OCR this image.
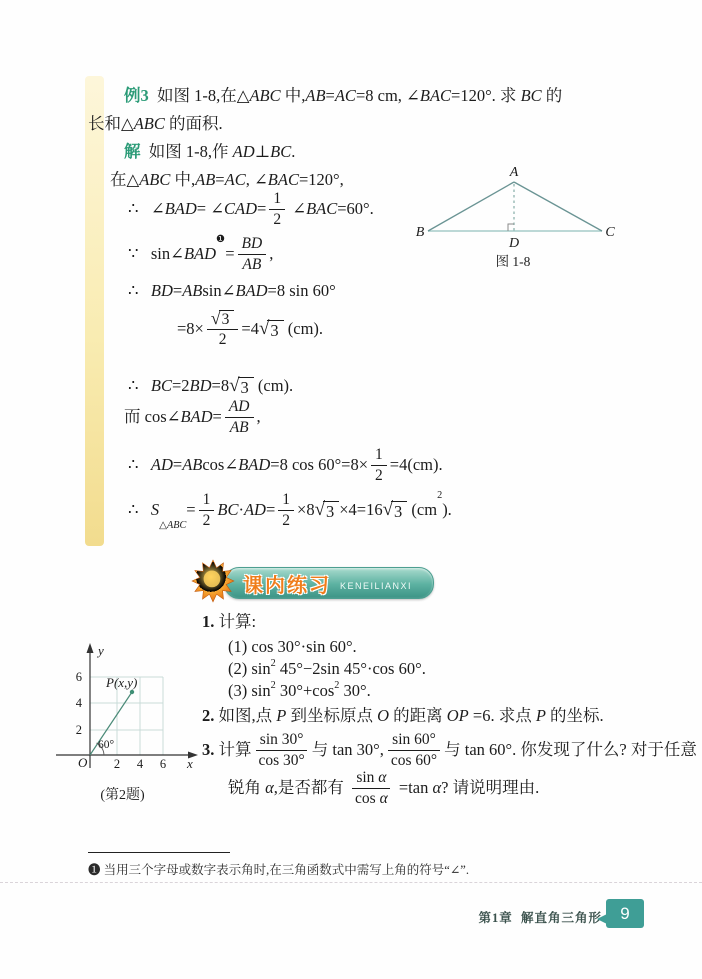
例3 如图 1-8,在△ ABC 中, AB = AC =8 cm, ∠ BAC =120°. 求 BC 的
长和△ ABC 的面积.
解 如图 1-8,作 AD ⊥ BC .
在△ ABC 中, AB = AC , ∠ BAC =120°,
∴   ∠ BAD = ∠ CAD = $\frac{1}{2}$ ∠ BAC =60°.
∵   sin∠ BAD
❶
= $\frac{BD}{AB}$ ,
∴ BD = AB sin∠ BAD =8 sin 60°
$=8\times \frac{√ 3}{2} =4$ √ 3 (cm).
∴ BC =2 BD =8 √ 3 (cm).
而 cos∠ BAD = $\frac{AD}{AB}$ ,
∴ AD = AB cos∠ BAD =8 $\cos 60^\circ=8\times \frac{1}{2} =4(cm)$.
∴ S
△ABC
= $\frac{1}{2}$ BC · AD = $\frac{1}{2} \times 8$ √ 3 ×4=16 √ 3 (cm
2
).
A
B	C
D
图 1-8
课内练习 KENEILIANXI
1. 计算:
(1) cos 30°·sin 60°.
(2) sin 2 45°−2sin 45°·cos 60°.
(3) sin 2 30°+cos 2 30°.
2. 如图,点 P 到坐标原点 O 的距离 OP =6. 求点 P 的坐标.
3. 计算
sin 30°
cos 30°
与 tan 30°,
sin 60°
cos 60°
与 tan 60°. 你发现了什么? 对于任意
锐角 α ,是否都有 $\frac{\text{sin α}}{\text{cos α}} =\tan$ α ? 请说明理由.
y
x
O
6
4
2
2 4 6
P(x,y)
60°
(第2题)
❶ 当用三个字母或数字表示角时,在三角函数式中需写上角的符号“∠”.
第1章 解直角三角形 9
